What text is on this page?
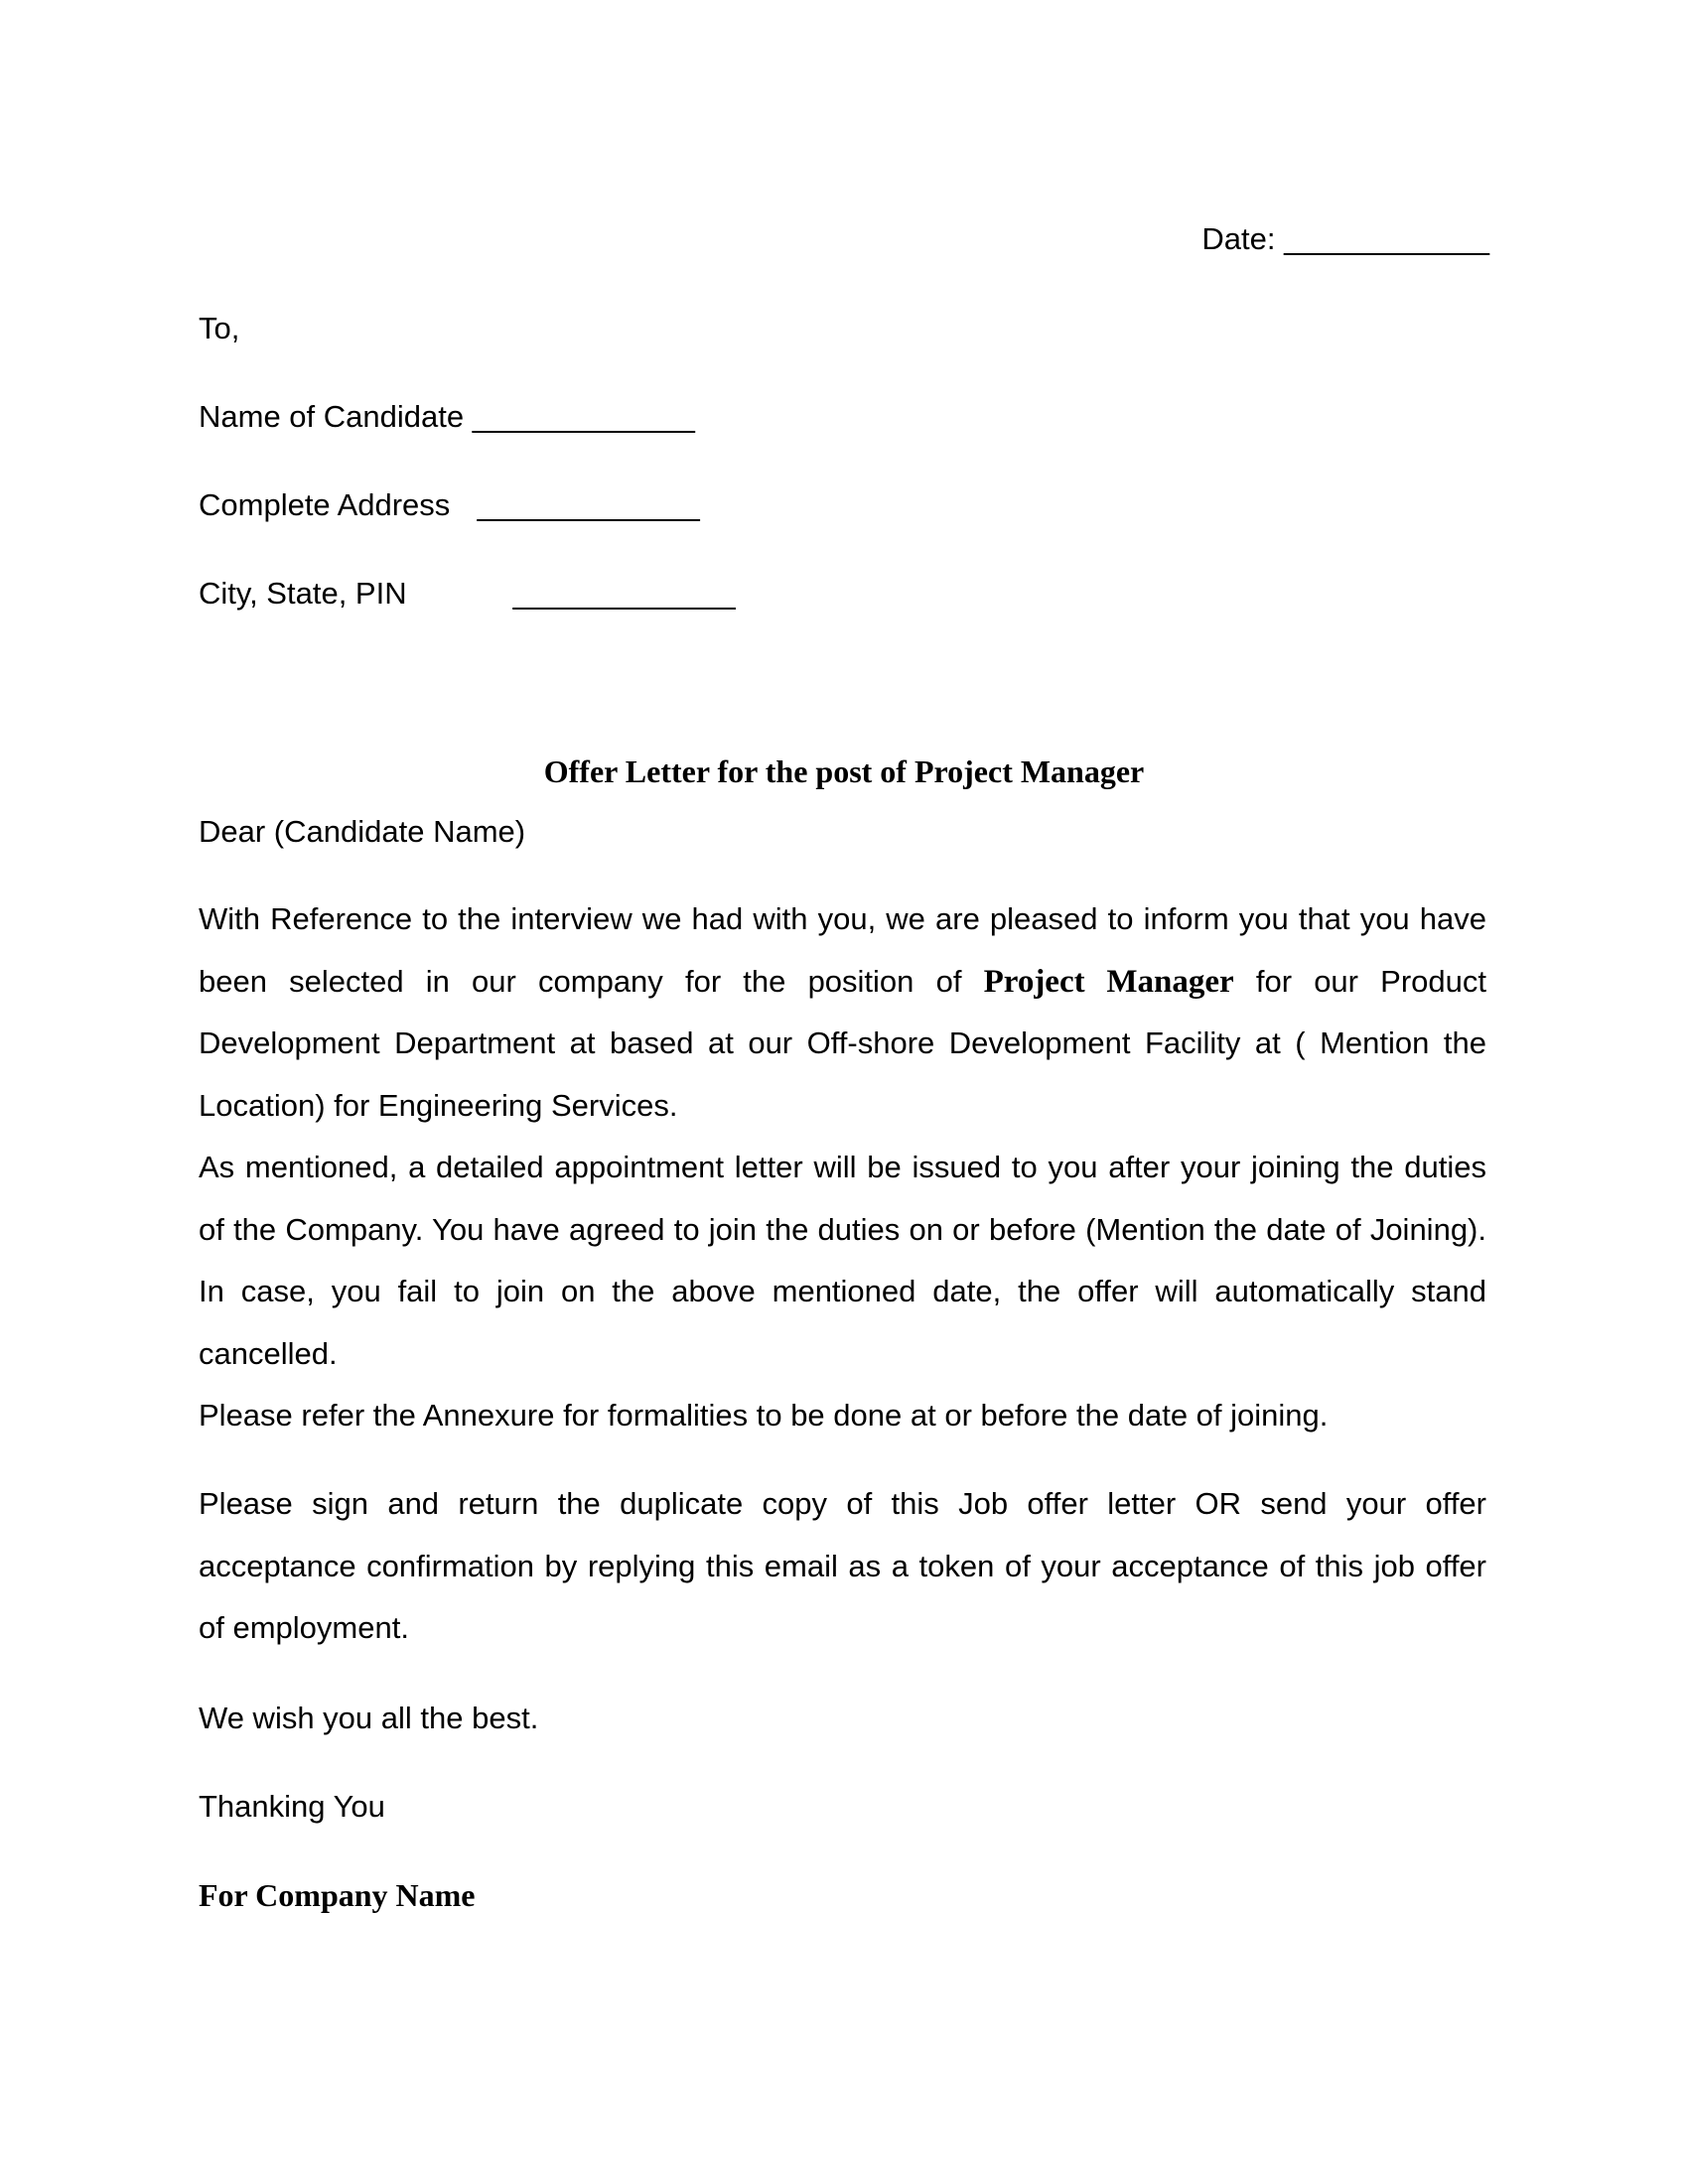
Date: ____________
To,
Name of Candidate _____________
Complete Address _____________
City, State, PIN	_____________
Offer Letter for the post of Project Manager
Dear (Candidate Name)
With Reference to the interview we had with you, we are pleased to inform you that you have been selected in our company for the position of Project Manager for our Product Development Department at based at our Off-shore Development Facility at ( Mention the Location) for Engineering Services.
As mentioned, a detailed appointment letter will be issued to you after your joining the duties of the Company. You have agreed to join the duties on or before (Mention the date of Joining). In case, you fail to join on the above mentioned date, the offer will automatically stand cancelled.
Please refer the Annexure for formalities to be done at or before the date of joining.
Please sign and return the duplicate copy of this Job offer letter OR send your offer acceptance confirmation by replying this email as a token of your acceptance of this job offer of employment.
We wish you all the best.
Thanking You
For Company Name
